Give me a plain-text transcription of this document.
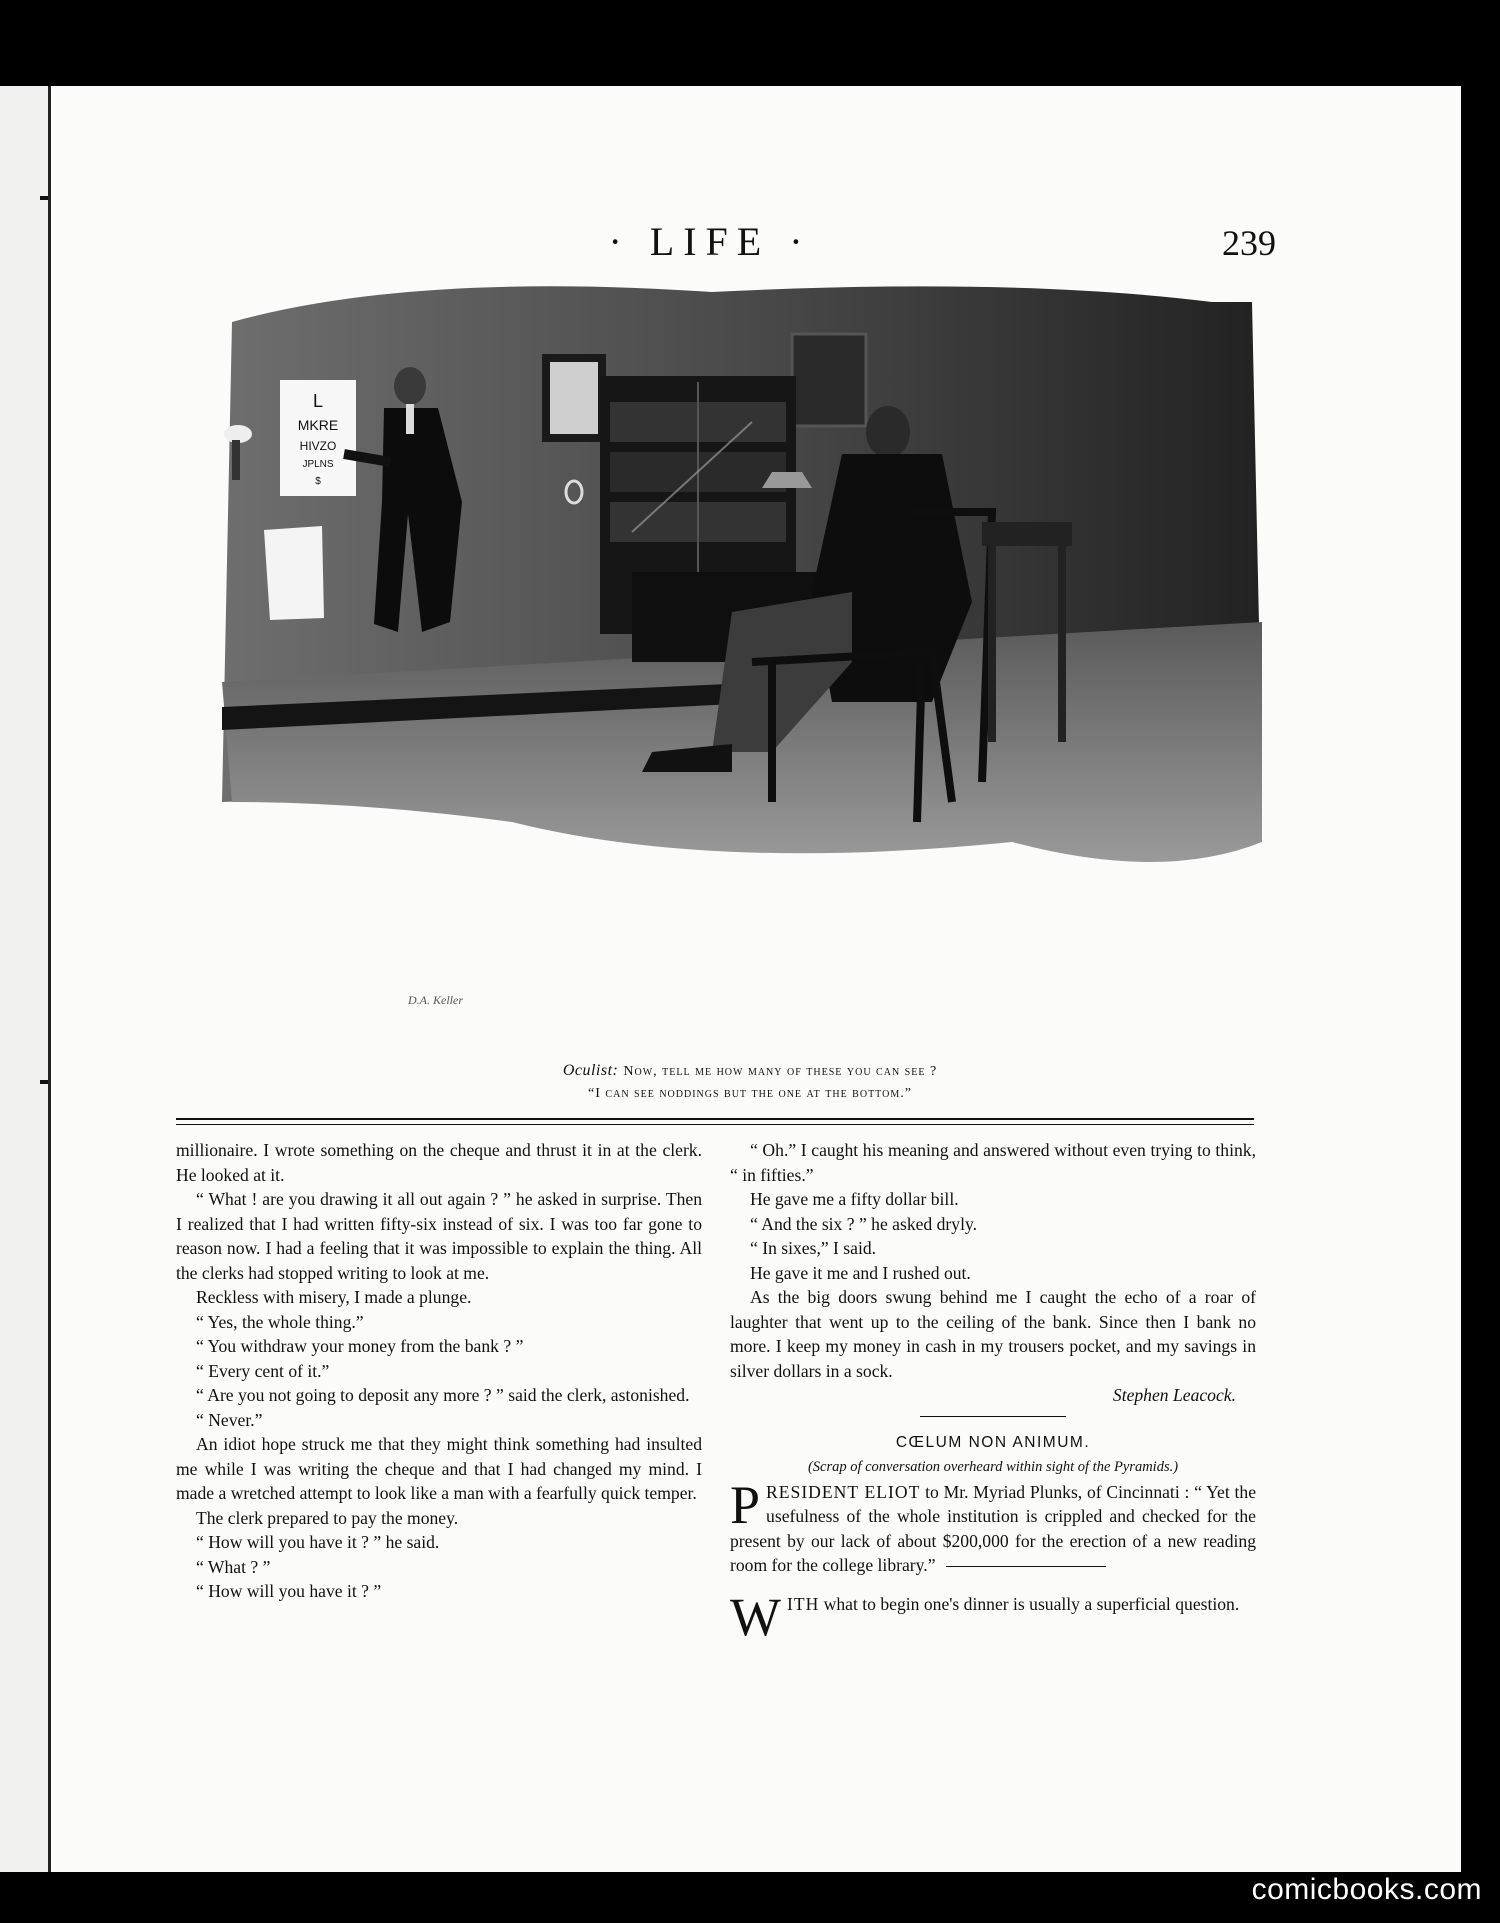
· LIFE ·	239
L
MKRE
HIVZO
JPLNS
$
D.A. Keller
Oculist: Now, tell me how many of these you can see ?
“I can see noddings but the one at the bottom.”

millionaire. I wrote something on the cheque and thrust it in at the clerk. He looked at it.

“ What ! are you drawing it all out again ? ” he asked in surprise. Then I realized that I had written fifty-six instead of six. I was too far gone to reason now. I had a feeling that it was impossible to explain the thing. All the clerks had stopped writing to look at me.

Reckless with misery, I made a plunge.

“ Yes, the whole thing.”

“ You withdraw your money from the bank ? ”

“ Every cent of it.”

“ Are you not going to deposit any more ? ” said the clerk, astonished.

“ Never.”

An idiot hope struck me that they might think something had insulted me while I was writing the cheque and that I had changed my mind. I made a wretched attempt to look like a man with a fearfully quick temper.

The clerk prepared to pay the money.

“ How will you have it ? ” he said.

“ What ? ”

“ How will you have it ? ”

“ Oh.” I caught his meaning and answered without even trying to think, “ in fifties.”

He gave me a fifty dollar bill.

“ And the six ? ” he asked dryly.

“ In sixes,” I said.

He gave it me and I rushed out.

As the big doors swung behind me I caught the echo of a roar of laughter that went up to the ceiling of the bank. Since then I bank no more. I keep my money in cash in my trousers pocket, and my savings in silver dollars in a sock.

Stephen Leacock.

CŒLUM NON ANIMUM.

(Scrap of conversation overheard within sight of the Pyramids.)

PRESIDENT ELIOT to Mr. Myriad Plunks, of Cincinnati : “ Yet the usefulness of the whole institution is crippled and checked for the present by our lack of about $200,000 for the erection of a new reading room for the college library.”

WITH what to begin one's dinner is usually a superficial question.

comicbooks.com
